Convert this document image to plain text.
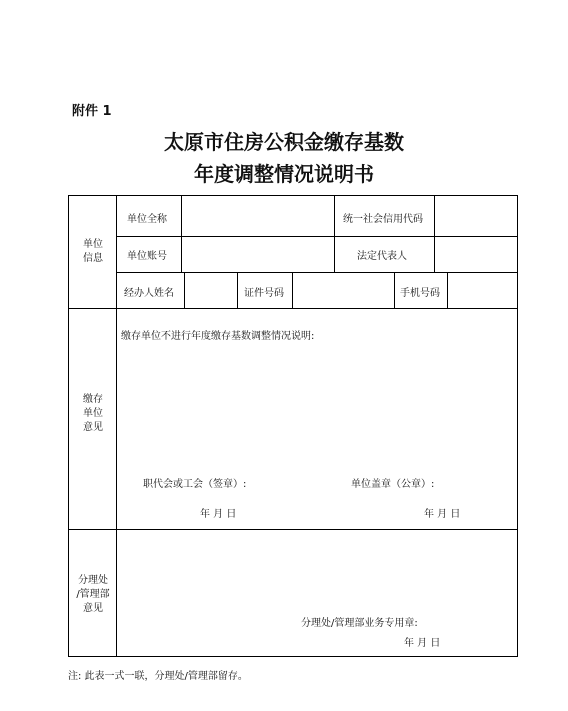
附件 1
太原市住房公积金缴存基数
年度调整情况说明书
单位
信息
单位全称	统一社会信用代码
单位账号	法定代表人
经办人姓名	证件号码	手机号码
缴存
单位
意见
缴存单位不进行年度缴存基数调整情况说明:
职代会或工会（签章）:	单位盖章（公章）:
年 月 日	年 月 日
分理处
/管理部
意见
分理处/管理部业务专用章:
年 月 日
注: 此表一式一联，分理处/管理部留存。
